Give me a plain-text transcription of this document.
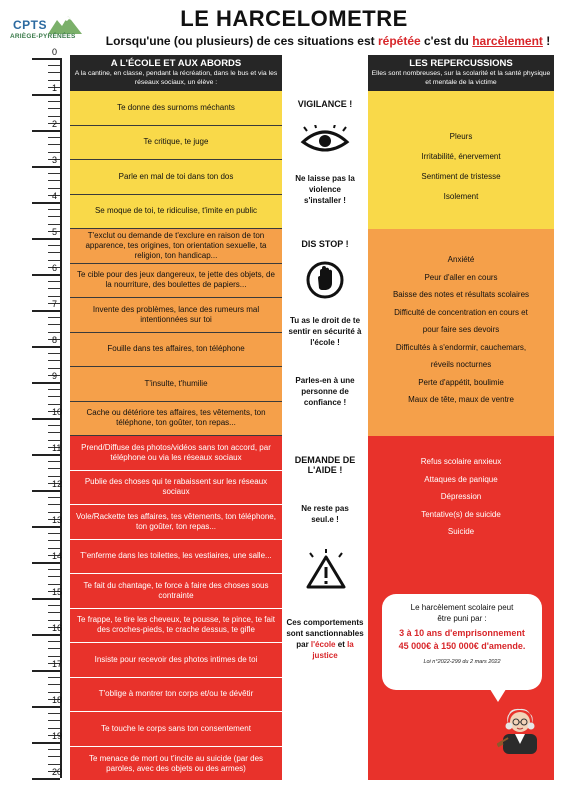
CPTS
ARIÈGE-PYRÉNÉES
LE HARCELOMETRE
Lorsqu'une (ou plusieurs) de ces situations est répétée c'est du harcèlement !
0
1
2
3
4
5
6
7
8
9
10
11
12
13
14
15
16
17
18
19
20
A L'ÉCOLE ET AUX ABORDS
A la cantine, en classe, pendant la récréation, dans le bus et via les réseaux sociaux, un élève :
Te donne des surnoms méchants
Te critique, te juge
Parle en mal de toi dans ton dos
Se moque de toi, te ridiculise, t'imite en public
T'exclut ou demande de t'exclure en raison de ton apparence, tes origines, ton orientation sexuelle, ta religion, ton handicap...
Te cible pour des jeux dangereux, te jette des objets, de la nourriture, des boulettes de papiers...
Invente des problèmes, lance des rumeurs mal intentionnées sur toi
Fouille dans tes affaires, ton téléphone
T'insulte, t'humilie
Cache ou détériore tes affaires, tes vêtements, ton téléphone, ton goûter, ton repas...
Prend/Diffuse des photos/vidéos sans ton accord, par téléphone ou via les réseaux sociaux
Publie des choses qui te rabaissent sur les réseaux sociaux
Vole/Rackette tes affaires, tes vêtements, ton téléphone, ton goûter, ton repas...
T'enferme dans les toilettes, les vestiaires, une salle...
Te fait du chantage, te force à faire des choses sous contrainte
Te frappe, te tire les cheveux, te pousse, te pince, te fait des croches-pieds, te crache dessus, te gifle
Insiste pour recevoir des photos intimes de toi
T'oblige à montrer ton corps et/ou te dévêtir
Te touche le corps sans ton consentement
Te menace de mort ou t'incite au suicide (par des paroles, avec des objets ou des armes)
VIGILANCE !
Ne laisse pas la violence s'installer !
DIS STOP !
Tu as le droit de te sentir en sécurité à l'école !
Parles-en à une personne de confiance !
DEMANDE DE L'AIDE !
Ne reste pas seul.e !
Ces comportements sont sanctionnables par l'école et la justice
LES REPERCUSSIONS
Elles sont nombreuses, sur la scolarité et la santé physique et mentale de la victime
Pleurs
Irritabilité, énervement
Sentiment de tristesse
Isolement
Anxiété
Peur d'aller en cours
Baisse des notes et résultats scolaires
Difficulté de concentration en cours et
pour faire ses devoirs
Difficultés à s'endormir, cauchemars,
réveils nocturnes
Perte d'appétit, boulimie
Maux de tête, maux de ventre
Refus scolaire anxieux
Attaques de panique
Dépression
Tentative(s) de suicide
Suicide
Le harcèlement scolaire peut
être puni par :
3 à 10 ans d'emprisonnement
45 000€ à 150 000€ d'amende.
Loi n°2022-299 du 2 mars 2022
